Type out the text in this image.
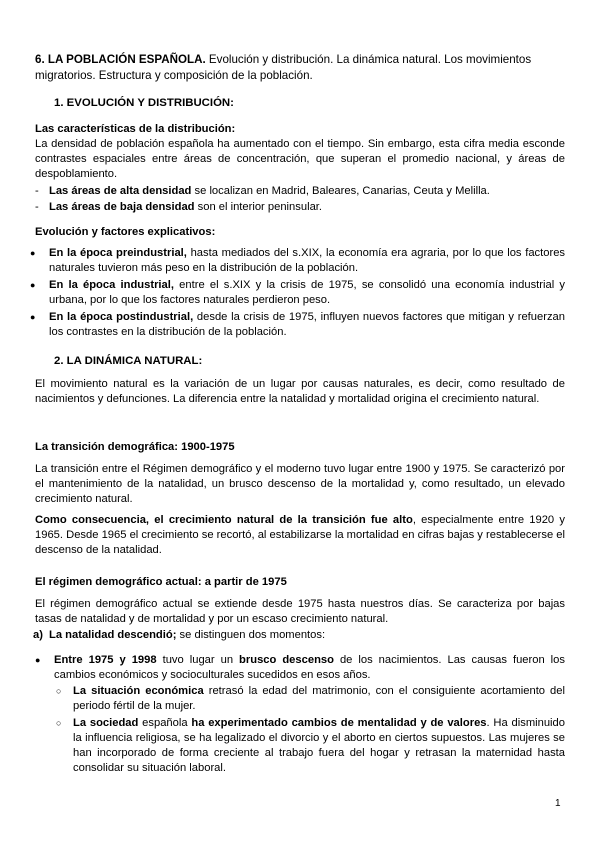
6. LA POBLACIÓN ESPAÑOLA. Evolución y distribución. La dinámica natural. Los movimientos migratorios. Estructura y composición de la población.
1. EVOLUCIÓN Y DISTRIBUCIÓN:
Las características de la distribución:
La densidad de población española ha aumentado con el tiempo. Sin embargo, esta cifra media esconde contrastes espaciales entre áreas de concentración, que superan el promedio nacional, y áreas de despoblamiento.
- Las áreas de alta densidad se localizan en Madrid, Baleares, Canarias, Ceuta y Melilla.
- Las áreas de baja densidad son el interior peninsular.
Evolución y factores explicativos:
● En la época preindustrial, hasta mediados del s.XIX, la economía era agraria, por lo que los factores naturales tuvieron más peso en la distribución de la población.
● En la época industrial, entre el s.XIX y la crisis de 1975, se consolidó una economía industrial y urbana, por lo que los factores naturales perdieron peso.
● En la época postindustrial, desde la crisis de 1975, influyen nuevos factores que mitigan y refuerzan los contrastes en la distribución de la población.
2. LA DINÁMICA NATURAL:
El movimiento natural es la variación de un lugar por causas naturales, es decir, como resultado de nacimientos y defunciones. La diferencia entre la natalidad y mortalidad origina el crecimiento natural.
La transición demográfica: 1900-1975
La transición entre el Régimen demográfico y el moderno tuvo lugar entre 1900 y 1975. Se caracterizó por el mantenimiento de la natalidad, un brusco descenso de la mortalidad y, como resultado, un elevado crecimiento natural.
Como consecuencia, el crecimiento natural de la transición fue alto, especialmente entre 1920 y 1965. Desde 1965 el crecimiento se recortó, al estabilizarse la mortalidad en cifras bajas y restablecerse el descenso de la natalidad.
El régimen demográfico actual: a partir de 1975
El régimen demográfico actual se extiende desde 1975 hasta nuestros días. Se caracteriza por bajas tasas de natalidad y de mortalidad y por un escaso crecimiento natural.
a) La natalidad descendió; se distinguen dos momentos:
● Entre 1975 y 1998 tuvo lugar un brusco descenso de los nacimientos. Las causas fueron los cambios económicos y socioculturales sucedidos en esos años.
○ La situación económica retrasó la edad del matrimonio, con el consiguiente acortamiento del periodo fértil de la mujer.
○ La sociedad española ha experimentado cambios de mentalidad y de valores. Ha disminuido la influencia religiosa, se ha legalizado el divorcio y el aborto en ciertos supuestos. Las mujeres se han incorporado de forma creciente al trabajo fuera del hogar y retrasan la maternidad hasta consolidar su situación laboral.
1
